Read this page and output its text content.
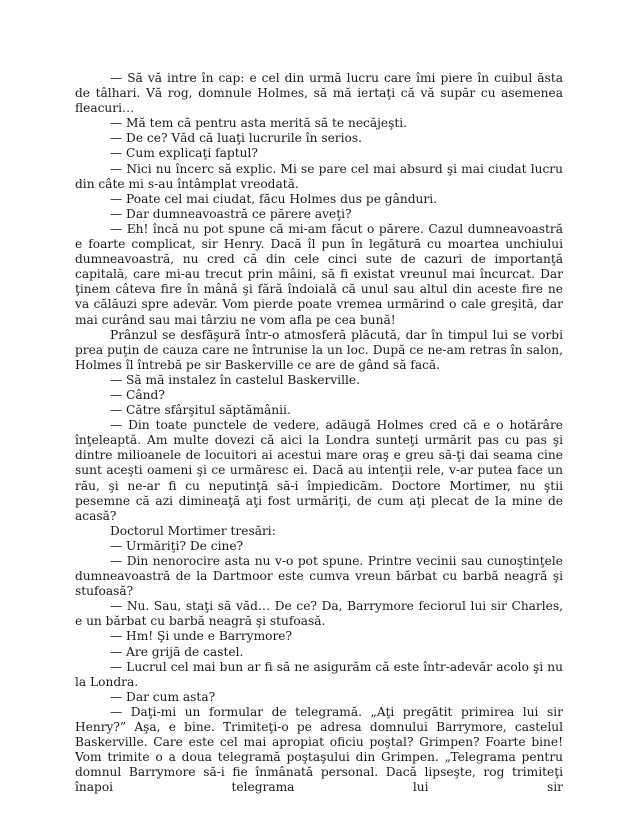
— Să vă intre în cap: e cel din urmă lucru care îmi piere în cuibul ăsta de tâlhari. Vă rog, domnule Holmes, să mă iertaţi că vă supăr cu asemenea fleacuri…

— Mă tem că pentru asta merită să te necăjeşti.

— De ce? Văd că luaţi lucrurile în serios.

— Cum explicaţi faptul?

— Nici nu încerc să explic. Mi se pare cel mai absurd şi mai ciudat lucru din câte mi s-au întâmplat vreodată.

— Poate cel mai ciudat, făcu Holmes dus pe gânduri.

— Dar dumneavoastră ce părere aveţi?

— Eh! încă nu pot spune că mi-am făcut o părere. Cazul dumneavoastră e foarte complicat, sir Henry. Dacă îl pun în legătură cu moartea unchiului dumneavoastră, nu cred că din cele cinci sute de cazuri de importanţă capitală, care mi-au trecut prin mâini, să fi existat vreunul mai încurcat. Dar ţinem câteva fire în mână şi fără îndoială că unul sau altul din aceste fire ne va călăuzi spre adevăr. Vom pierde poate vremea urmărind o cale greşită, dar mai curând sau mai târziu ne vom afla pe cea bună!

Prânzul se desfăşură într-o atmosferă plăcută, dar în timpul lui se vorbi prea puţin de cauza care ne întrunise la un loc. După ce ne-am retras în salon, Holmes îl întrebă pe sir Baskerville ce are de gând să facă.

— Să mă instalez în castelul Baskerville.

— Când?

— Către sfârşitul săptămânii.

— Din toate punctele de vedere, adăugă Holmes cred că e o hotărâre înţeleaptă. Am multe dovezi că aici la Londra sunteţi urmărit pas cu pas şi dintre milioanele de locuitori ai acestui mare oraş e greu să-ţi dai seama cine sunt aceşti oameni şi ce urmăresc ei. Dacă au intenţii rele, v-ar putea face un rău, şi ne-ar fi cu neputinţă să-i împiedicăm. Doctore Mortimer, nu ştii pesemne că azi dimineaţă aţi fost urmăriţi, de cum aţi plecat de la mine de acasă?

Doctorul Mortimer tresări:

— Urmăriţi? De cine?

— Din nenorocire asta nu v-o pot spune. Printre vecinii sau cunoştinţele dumneavoastră de la Dartmoor este cumva vreun bărbat cu barbă neagră şi stufoasă?

— Nu. Sau, staţi să văd… De ce? Da, Barrymore feciorul lui sir Charles, e un bărbat cu barbă neagră şi stufoasă.

— Hm! Şi unde e Barrymore?

— Are grijă de castel.

— Lucrul cel mai bun ar fi să ne asigurăm că este într-adevăr acolo şi nu la Londra.

— Dar cum asta?

— Daţi-mi un formular de telegramă. „Aţi pregătit primirea lui sir Henry?” Aşa, e bine. Trimiteţi-o pe adresa domnului Barrymore, castelul Baskerville. Care este cel mai apropiat oficiu poştal? Grimpen? Foarte bine! Vom trimite o a doua telegramă poştaşului din Grimpen. „Telegrama pentru domnul Barrymore să-i fie înmânată personal. Dacă lipseşte, rog trimiteţi înapoi telegrama lui sir
